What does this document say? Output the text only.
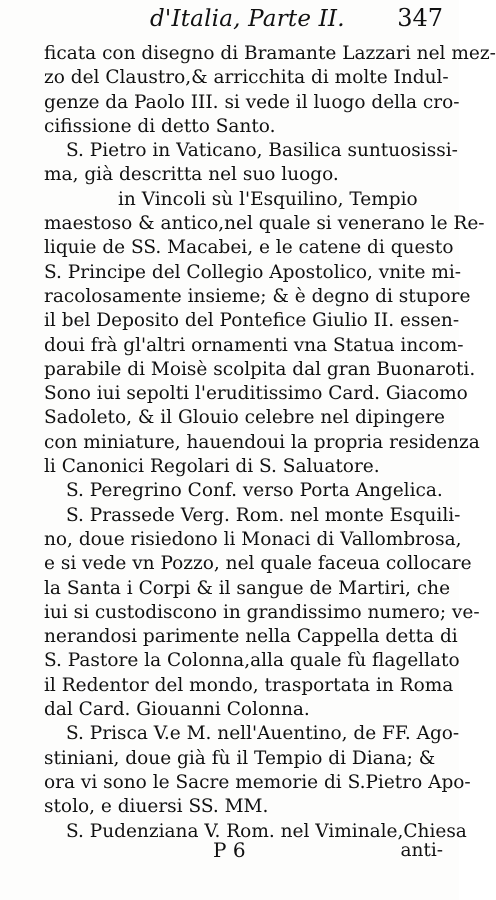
d'Italia, Parte II. 347
ficata con disegno di Bramante Lazzari nel mez-
zo del Claustro,& arricchita di molte Indul-
genze da Paolo III. si vede il luogo della cro-
cifissione di detto Santo.
S. Pietro in Vaticano, Basilica suntuosissi-
ma, già descritta nel suo luogo.
in Vincoli sù l'Esquilino, Tempio
maestoso & antico,nel quale si venerano le Re-
liquie de SS. Macabei, e le catene di questo
S. Principe del Collegio Apostolico, vnite mi-
racolosamente insieme; & è degno di stupore
il bel Deposito del Pontefice Giulio II. essen-
doui frà gl'altri ornamenti vna Statua incom-
parabile di Moisè scolpita dal gran Buonaroti.
Sono iui sepolti l'eruditissimo Card. Giacomo
Sadoleto, & il Glouio celebre nel dipingere
con miniature, hauendoui la propria residenza
li Canonici Regolari di S. Saluatore.
S. Peregrino Conf. verso Porta Angelica.
S. Prassede Verg. Rom. nel monte Esquili-
no, doue risiedono li Monaci di Vallombrosa,
e si vede vn Pozzo, nel quale faceua collocare
la Santa i Corpi & il sangue de Martiri, che
iui si custodiscono in grandissimo numero; ve-
nerandosi parimente nella Cappella detta di
S. Pastore la Colonna,alla quale fù flagellato
il Redentor del mondo, trasportata in Roma
dal Card. Giouanni Colonna.
S. Prisca V.e M. nell'Auentino, de FF. Ago-
stiniani, doue già fù il Tempio di Diana; &
ora vi sono le Sacre memorie di S.Pietro Apo-
stolo, e diuersi SS. MM.
S. Pudenziana V. Rom. nel Viminale,Chiesa
P 6	anti-
